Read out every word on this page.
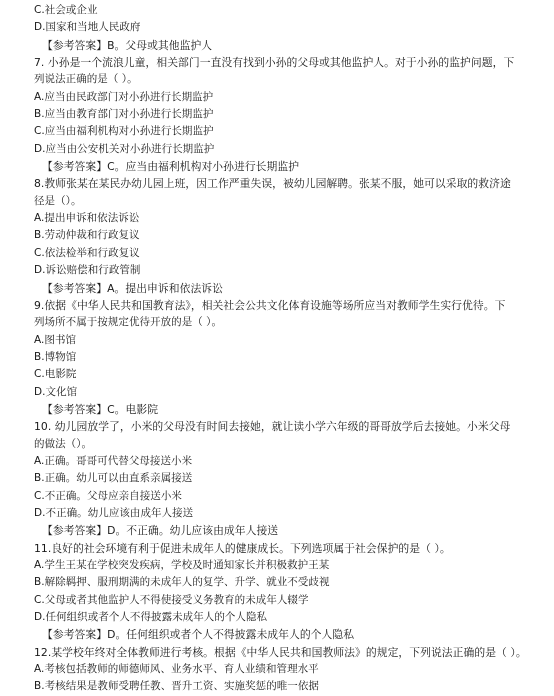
C.社会或企业
D.国家和当地人民政府
【参考答案】B。父母或其他监护人
7. 小孙是一个流浪儿童，相关部门一直没有找到小孙的父母或其他监护人。对于小孙的监护问题，下
列说法正确的是（ ）。
A.应当由民政部门对小孙进行长期监护
B.应当由教育部门对小孙进行长期监护
C.应当由福利机构对小孙进行长期监护
D.应当由公安机关对小孙进行长期监护
【参考答案】C。应当由福利机构对小孙进行长期监护
8.教师张某在某民办幼儿园上班，因工作严重失误，被幼儿园解聘。张某不服，她可以采取的救济途
径是（）。
A.提出申诉和依法诉讼
B.劳动仲裁和行政复议
C.依法检举和行政复议
D.诉讼赔偿和行政管制
【参考答案】A。提出申诉和依法诉讼
9.依据《中华人民共和国教育法》，相关社会公共文化体育设施等场所应当对教师学生实行优待。下
列场所不属于按规定优待开放的是（ ）。
A.图书馆
B.博物馆
C.电影院
D.文化馆
【参考答案】C。电影院
10. 幼儿园放学了，小米的父母没有时间去接她，就让读小学六年级的哥哥放学后去接她。小米父母
的做法（）。
A.正确。哥哥可代替父母接送小米
B.正确。幼儿可以由直系亲属接送
C.不正确。父母应亲自接送小米
D.不正确。幼儿应该由成年人接送
【参考答案】D。不正确。幼儿应该由成年人接送
11.良好的社会环境有利于促进未成年人的健康成长。下列选项属于社会保护的是（ ）。
A.学生王某在学校突发疾病，学校及时通知家长并积极救护王某
B.解除羁押、服刑期满的未成年人的复学、升学、就业不受歧视
C.父母或者其他监护人不得使接受义务教育的未成年人辍学
D.任何组织或者个人不得披露未成年人的个人隐私
【参考答案】D。任何组织或者个人不得披露未成年人的个人隐私
12.某学校年终对全体教师进行考核。根据《中华人民共和国教师法》的规定，下列说法正确的是（ ）。
A.考核包括教师的师德师风、业务水平、育人业绩和管理水平
B.考核结果是教师受聘任教、晋升工资、实施奖惩的唯一依据
